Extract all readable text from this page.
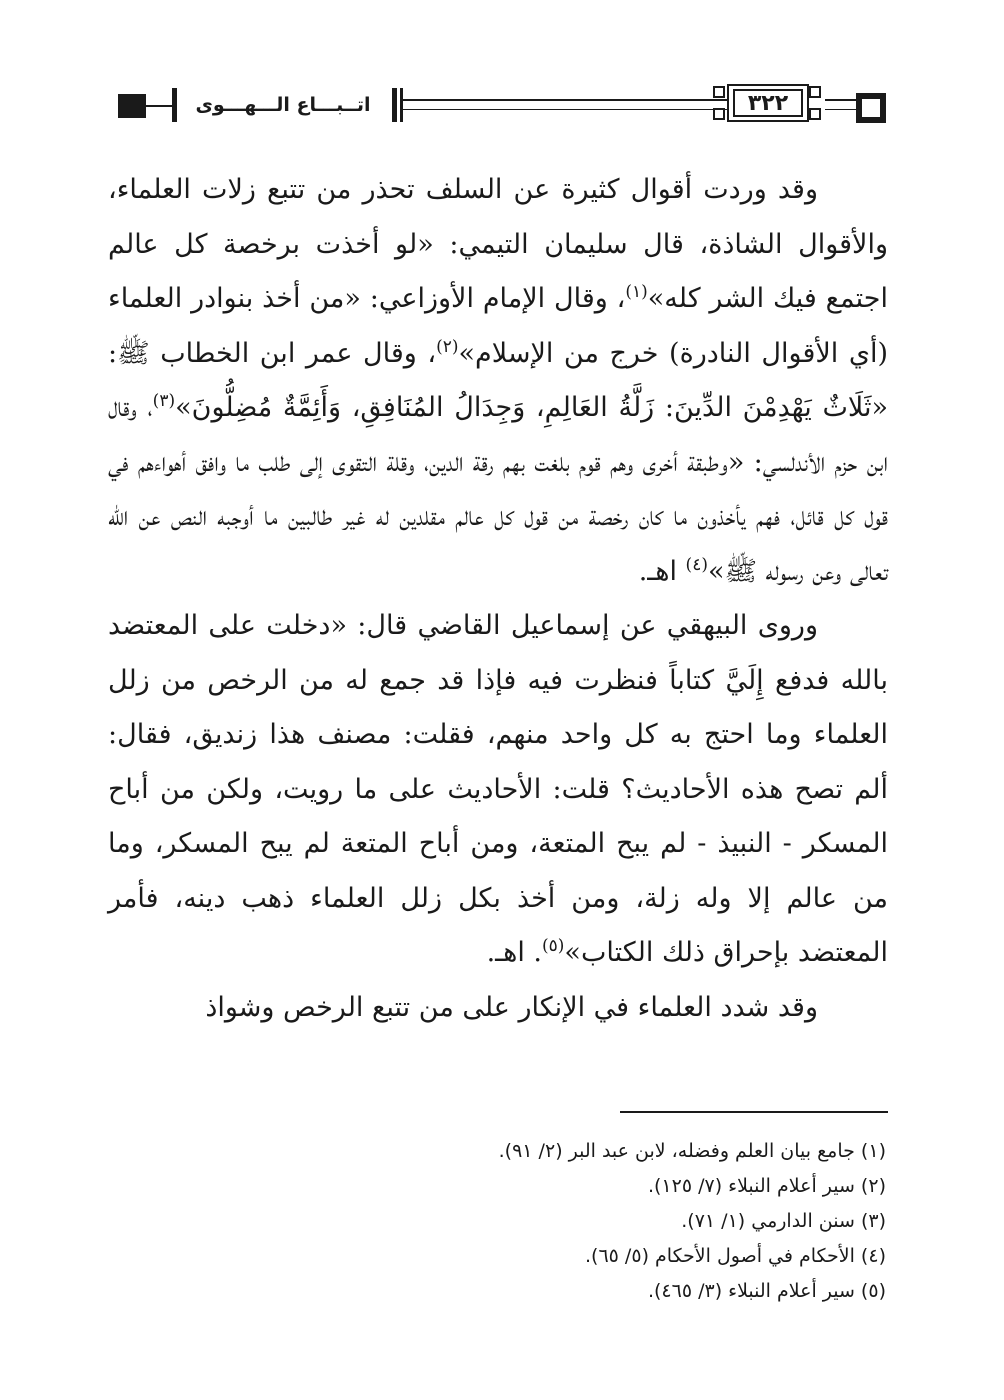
اتــبـــاع الـــهـــوى	٣٢٢

وقد وردت أقوال كثيرة عن السلف تحذر من تتبع زلات العلماء، والأقوال الشاذة، قال سليمان التيمي: «لو أخذت برخصة كل عالم اجتمع فيك الشر كله»$^{(١)}$، وقال الإمام الأوزاعي: «من أخذ بنوادر العلماء (أي الأقوال النادرة) خرج من الإسلام»$^{(٢)}$، وقال عمر ابن الخطاب ﷺ: «ثَلَاثٌ يَهْدِمْنَ الدِّينَ: زَلَّةُ العَالِمِ، وَجِدَالُ المُنَافِقِ، وَأَئِمَّةٌ مُضِلُّونَ»$^{(٣)}$، وقال ابن حزم الأندلسي: «وطبقة أخرى وهم قوم بلغت بهم رقة الدين، وقلة التقوى إلى طلب ما وافق أهواءهم في قول كل قائل، فهم يأخذون ما كان رخصة من قول كل عالم مقلدين له غير طالبين ما أوجبه النص عن الله تعالى وعن رسوله ﷺ»$^{(٤)}$ اهـ.

وروى البيهقي عن إسماعيل القاضي قال: «دخلت على المعتضد بالله فدفع إِلَيَّ كتاباً فنظرت فيه فإذا قد جمع له من الرخص من زلل العلماء وما احتج به كل واحد منهم، فقلت: مصنف هذا زنديق، فقال: ألم تصح هذه الأحاديث؟ قلت: الأحاديث على ما رويت، ولكن من أباح المسكر - النبيذ - لم يبح المتعة، ومن أباح المتعة لم يبح المسكر، وما من عالم إلا وله زلة، ومن أخذ بكل زلل العلماء ذهب دينه، فأمر المعتضد بإحراق ذلك الكتاب»$^{(٥)}$. اهـ.

وقد شدد العلماء في الإنكار على من تتبع الرخص وشواذ

(١) جامع بيان العلم وفضله، لابن عبد البر (٢/ ٩١).
(٢) سير أعلام النبلاء (٧/ ١٢٥).
(٣) سنن الدارمي (١/ ٧١).
(٤) الأحكام في أصول الأحكام (٥/ ٦٥).
(٥) سير أعلام النبلاء (٣/ ٤٦٥).
